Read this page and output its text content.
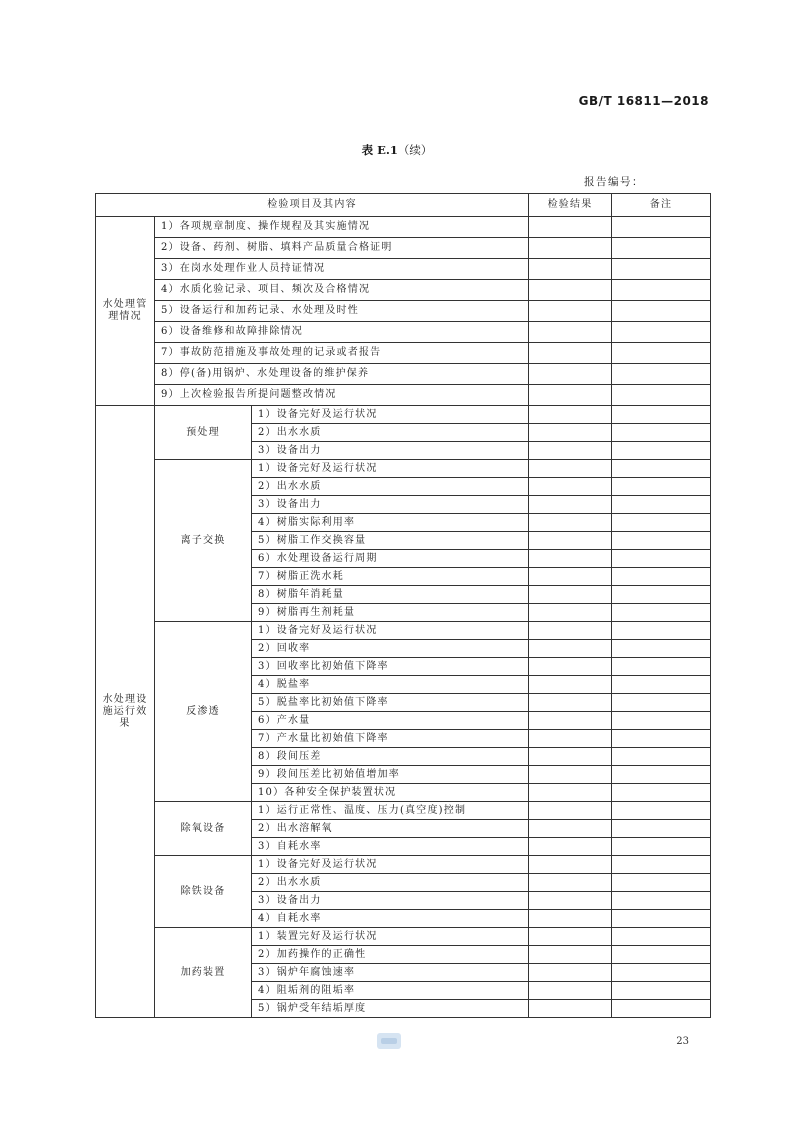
GB/T 16811—2018
表 E.1（续）
报告编号：
检验项目及其内容			检验结果	备注
水处理管理情况	1）各项规章制度、操作规程及其实施情况			
	2）设备、药剂、树脂、填料产品质量合格证明			
	3）在岗水处理作业人员持证情况			
	4）水质化验记录、项目、频次及合格情况			
	5）设备运行和加药记录、水处理及时性			
	6）设备维修和故障排除情况			
	7）事故防范措施及事故处理的记录或者报告			
	8）停(备)用锅炉、水处理设备的维护保养			
	9）上次检验报告所提问题整改情况			
水处理设施运行效果	预处理	1）设备完好及运行状况		
		2）出水水质		
		3）设备出力		
	离子交换	1）设备完好及运行状况		
		2）出水水质		
		3）设备出力		
		4）树脂实际利用率		
		5）树脂工作交换容量		
		6）水处理设备运行周期		
		7）树脂正洗水耗		
		8）树脂年消耗量		
		9）树脂再生剂耗量		
	反渗透	1）设备完好及运行状况		
		2）回收率		
		3）回收率比初始值下降率		
		4）脱盐率		
		5）脱盐率比初始值下降率		
		6）产水量		
		7）产水量比初始值下降率		
		8）段间压差		
		9）段间压差比初始值增加率		
		10）各种安全保护装置状况		
	除氧设备	1）运行正常性、温度、压力(真空度)控制		
		2）出水溶解氧		
		3）自耗水率		
	除铁设备	1）设备完好及运行状况		
		2）出水水质		
		3）设备出力		
		4）自耗水率		
	加药装置	1）装置完好及运行状况		
		2）加药操作的正确性		
		3）锅炉年腐蚀速率		
		4）阻垢剂的阻垢率		
		5）锅炉受年结垢厚度		
23
